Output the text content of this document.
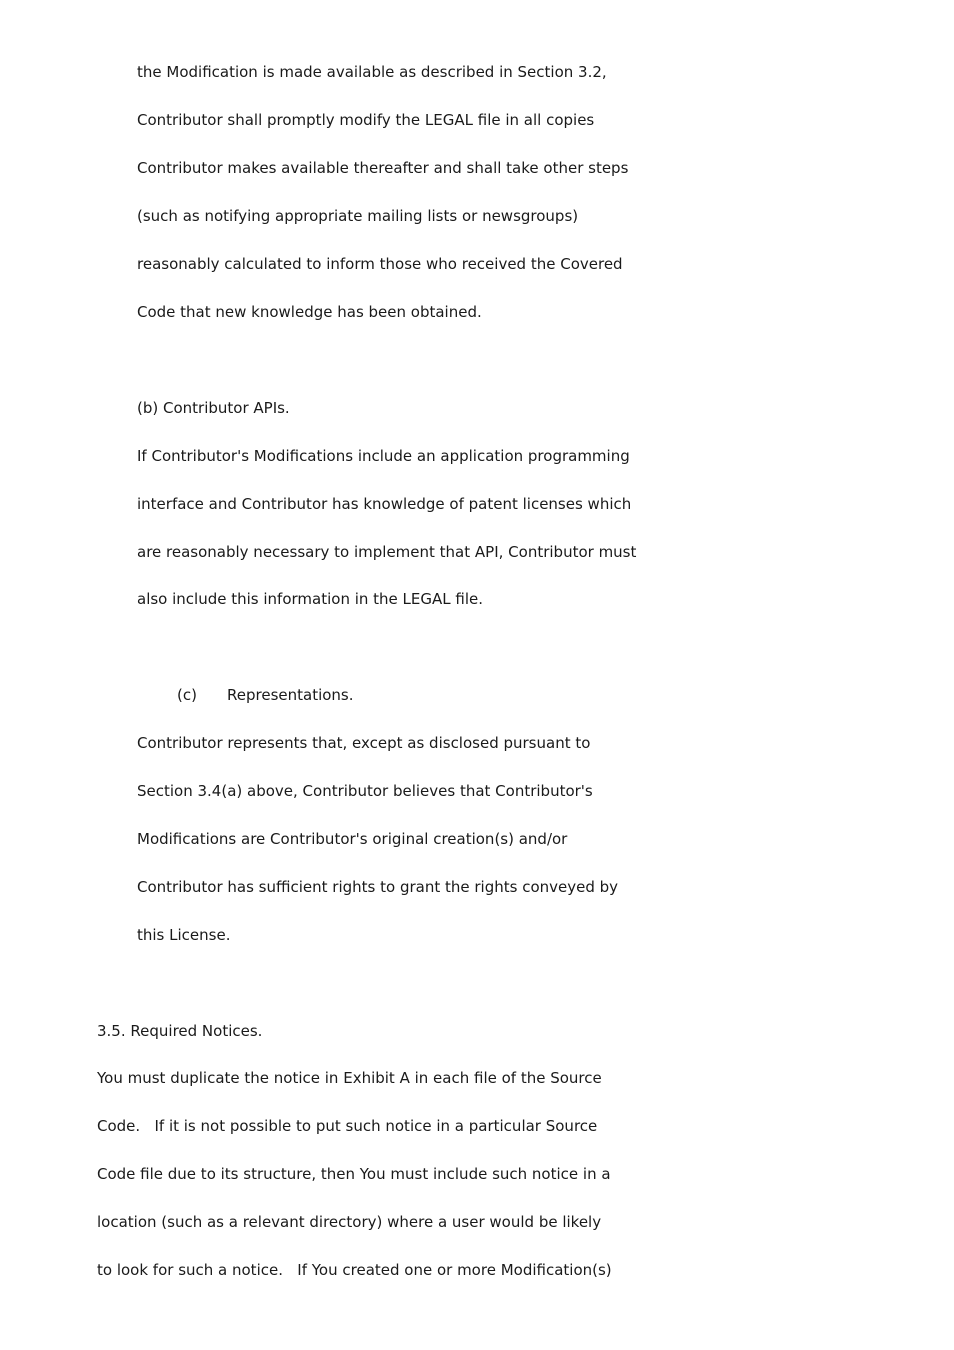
the Modification is made available as described in Section 3.2,
Contributor shall promptly modify the LEGAL file in all copies
Contributor makes available thereafter and shall take other steps
(such as notifying appropriate mailing lists or newsgroups)
reasonably calculated to inform those who received the Covered
Code that new knowledge has been obtained.
(b) Contributor APIs.
If Contributor's Modifications include an application programming
interface and Contributor has knowledge of patent licenses which
are reasonably necessary to implement that API, Contributor must
also include this information in the LEGAL file.
(c) Representations.
Contributor represents that, except as disclosed pursuant to
Section 3.4(a) above, Contributor believes that Contributor's
Modifications are Contributor's original creation(s) and/or
Contributor has sufficient rights to grant the rights conveyed by
this License.
3.5. Required Notices.
You must duplicate the notice in Exhibit A in each file of the Source
Code.   If it is not possible to put such notice in a particular Source
Code file due to its structure, then You must include such notice in a
location (such as a relevant directory) where a user would be likely
to look for such a notice.   If You created one or more Modification(s)
